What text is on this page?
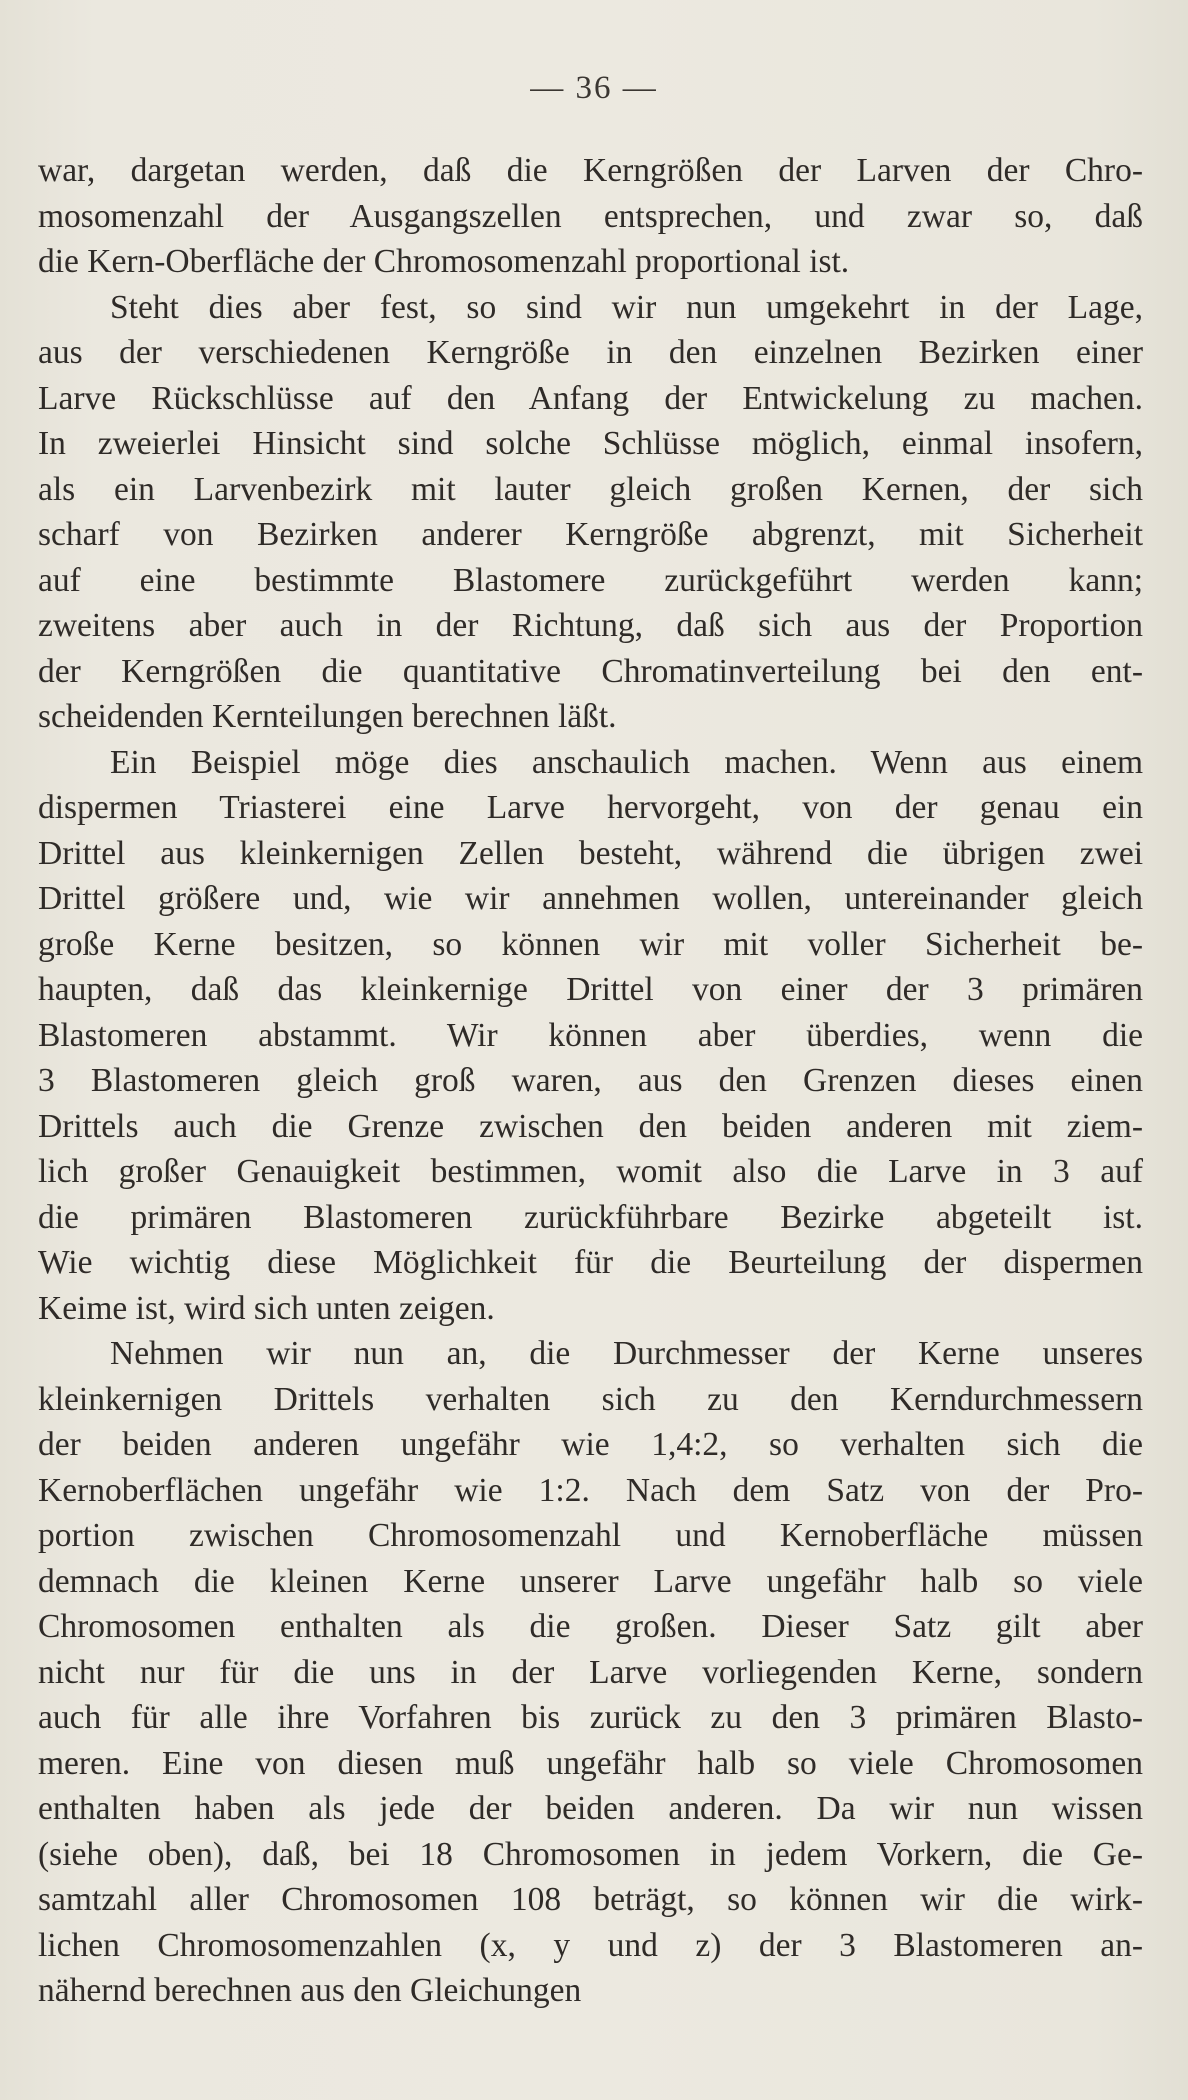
— 36 —
war, dargetan werden, daß die Kerngrößen der Larven der Chro-
mosomenzahl der Ausgangszellen entsprechen, und zwar so, daß
die Kern-Oberfläche der Chromosomenzahl proportional ist.
Steht dies aber fest, so sind wir nun umgekehrt in der Lage,
aus der verschiedenen Kerngröße in den einzelnen Bezirken einer
Larve Rückschlüsse auf den Anfang der Entwickelung zu machen.
In zweierlei Hinsicht sind solche Schlüsse möglich, einmal insofern,
als ein Larvenbezirk mit lauter gleich großen Kernen, der sich
scharf von Bezirken anderer Kerngröße abgrenzt, mit Sicherheit
auf eine bestimmte Blastomere zurückgeführt werden kann;
zweitens aber auch in der Richtung, daß sich aus der Proportion
der Kerngrößen die quantitative Chromatinverteilung bei den ent-
scheidenden Kernteilungen berechnen läßt.
Ein Beispiel möge dies anschaulich machen. Wenn aus einem
dispermen Triasterei eine Larve hervorgeht, von der genau ein
Drittel aus kleinkernigen Zellen besteht, während die übrigen zwei
Drittel größere und, wie wir annehmen wollen, untereinander gleich
große Kerne besitzen, so können wir mit voller Sicherheit be-
haupten, daß das kleinkernige Drittel von einer der 3 primären
Blastomeren abstammt. Wir können aber überdies, wenn die
3 Blastomeren gleich groß waren, aus den Grenzen dieses einen
Drittels auch die Grenze zwischen den beiden anderen mit ziem-
lich großer Genauigkeit bestimmen, womit also die Larve in 3 auf
die primären Blastomeren zurückführbare Bezirke abgeteilt ist.
Wie wichtig diese Möglichkeit für die Beurteilung der dispermen
Keime ist, wird sich unten zeigen.
Nehmen wir nun an, die Durchmesser der Kerne unseres
kleinkernigen Drittels verhalten sich zu den Kerndurchmessern
der beiden anderen ungefähr wie 1,4:2, so verhalten sich die
Kernoberflächen ungefähr wie 1:2. Nach dem Satz von der Pro-
portion zwischen Chromosomenzahl und Kernoberfläche müssen
demnach die kleinen Kerne unserer Larve ungefähr halb so viele
Chromosomen enthalten als die großen. Dieser Satz gilt aber
nicht nur für die uns in der Larve vorliegenden Kerne, sondern
auch für alle ihre Vorfahren bis zurück zu den 3 primären Blasto-
meren. Eine von diesen muß ungefähr halb so viele Chromosomen
enthalten haben als jede der beiden anderen. Da wir nun wissen
(siehe oben), daß, bei 18 Chromosomen in jedem Vorkern, die Ge-
samtzahl aller Chromosomen 108 beträgt, so können wir die wirk-
lichen Chromosomenzahlen (x, y und z) der 3 Blastomeren an-
nähernd berechnen aus den Gleichungen
